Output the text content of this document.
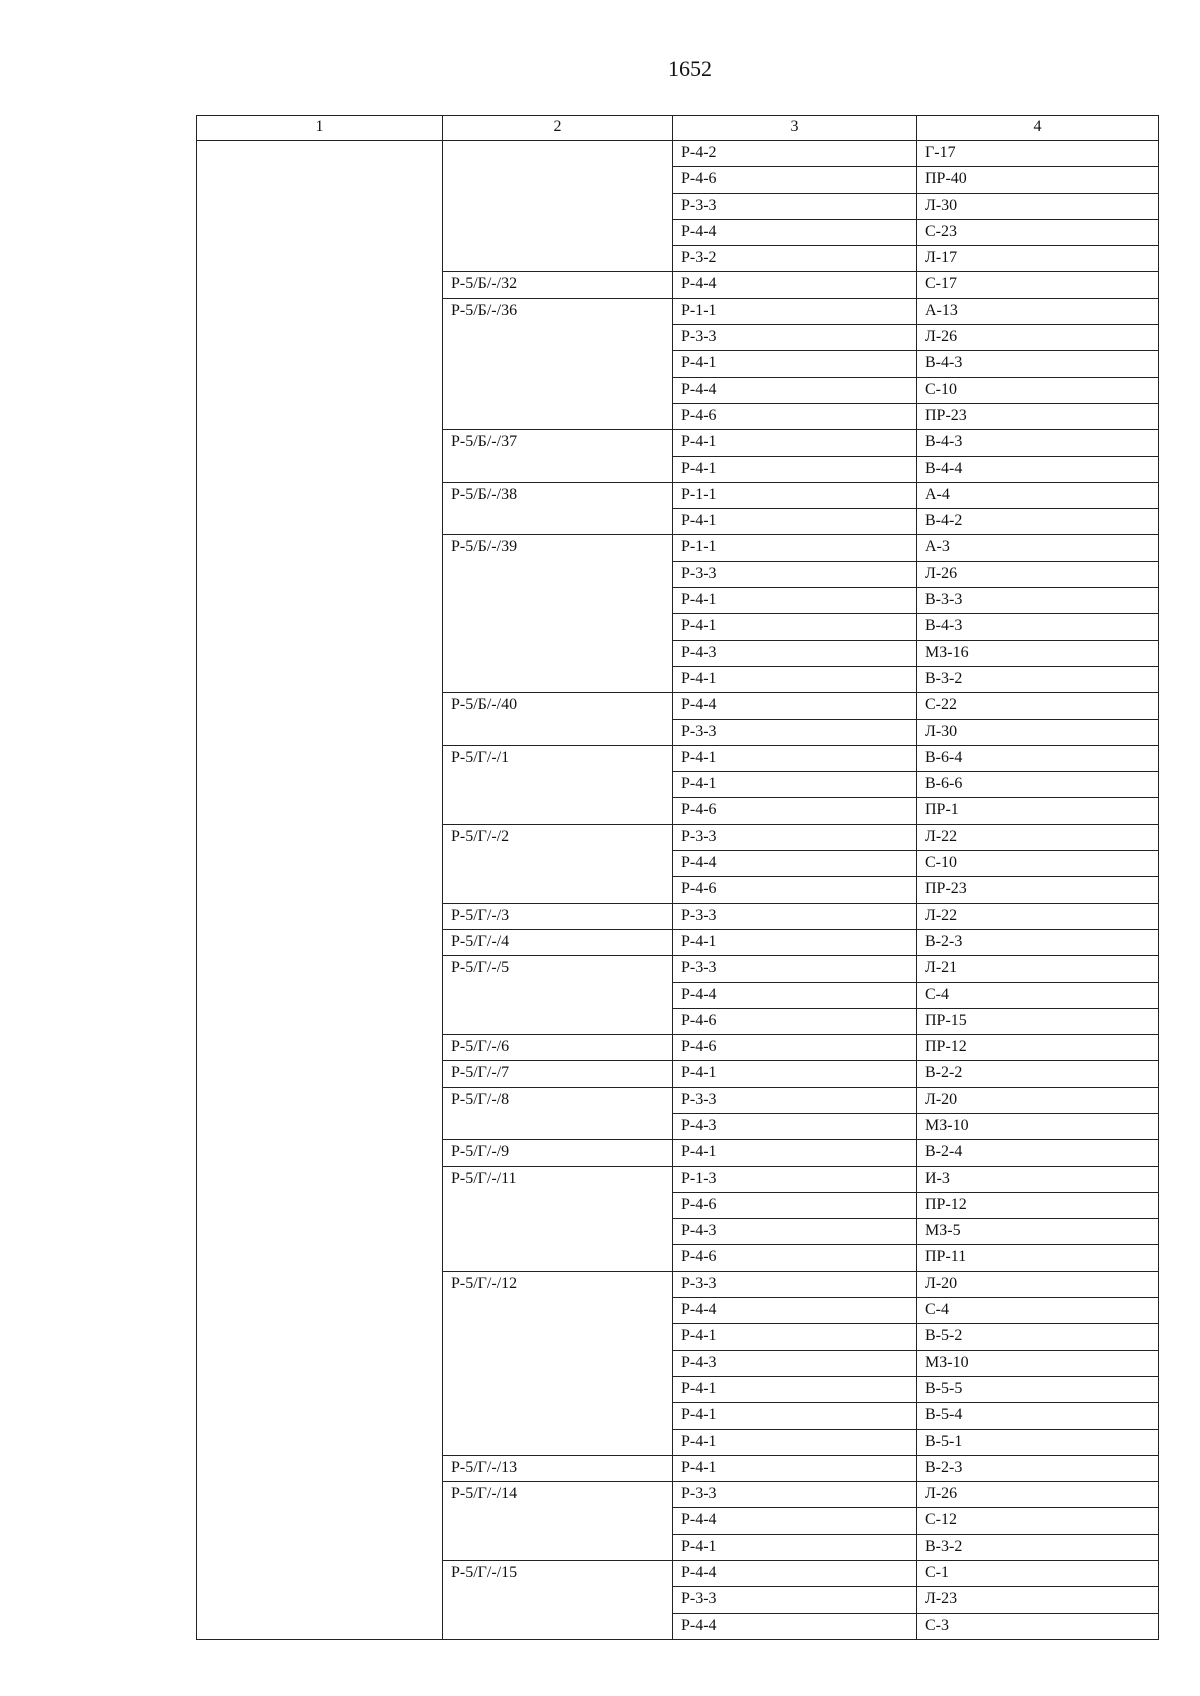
1652
1	2	3	4
		Р-4-2	Г-17
		Р-4-6	ПР-40
		Р-3-3	Л-30
		Р-4-4	С-23
		Р-3-2	Л-17
	Р-5/Б/-/32	Р-4-4	С-17
	Р-5/Б/-/36	Р-1-1	А-13
		Р-3-3	Л-26
		Р-4-1	В-4-3
		Р-4-4	С-10
		Р-4-6	ПР-23
	Р-5/Б/-/37	Р-4-1	В-4-3
		Р-4-1	В-4-4
	Р-5/Б/-/38	Р-1-1	А-4
		Р-4-1	В-4-2
	Р-5/Б/-/39	Р-1-1	А-3
		Р-3-3	Л-26
		Р-4-1	В-3-3
		Р-4-1	В-4-3
		Р-4-3	МЗ-16
		Р-4-1	В-3-2
	Р-5/Б/-/40	Р-4-4	С-22
		Р-3-3	Л-30
	Р-5/Г/-/1	Р-4-1	В-6-4
		Р-4-1	В-6-6
		Р-4-6	ПР-1
	Р-5/Г/-/2	Р-3-3	Л-22
		Р-4-4	С-10
		Р-4-6	ПР-23
	Р-5/Г/-/3	Р-3-3	Л-22
	Р-5/Г/-/4	Р-4-1	В-2-3
	Р-5/Г/-/5	Р-3-3	Л-21
		Р-4-4	С-4
		Р-4-6	ПР-15
	Р-5/Г/-/6	Р-4-6	ПР-12
	Р-5/Г/-/7	Р-4-1	В-2-2
	Р-5/Г/-/8	Р-3-3	Л-20
		Р-4-3	МЗ-10
	Р-5/Г/-/9	Р-4-1	В-2-4
	Р-5/Г/-/11	Р-1-3	И-3
		Р-4-6	ПР-12
		Р-4-3	МЗ-5
		Р-4-6	ПР-11
	Р-5/Г/-/12	Р-3-3	Л-20
		Р-4-4	С-4
		Р-4-1	В-5-2
		Р-4-3	МЗ-10
		Р-4-1	В-5-5
		Р-4-1	В-5-4
		Р-4-1	В-5-1
	Р-5/Г/-/13	Р-4-1	В-2-3
	Р-5/Г/-/14	Р-3-3	Л-26
		Р-4-4	С-12
		Р-4-1	В-3-2
	Р-5/Г/-/15	Р-4-4	С-1
		Р-3-3	Л-23
		Р-4-4	С-3
